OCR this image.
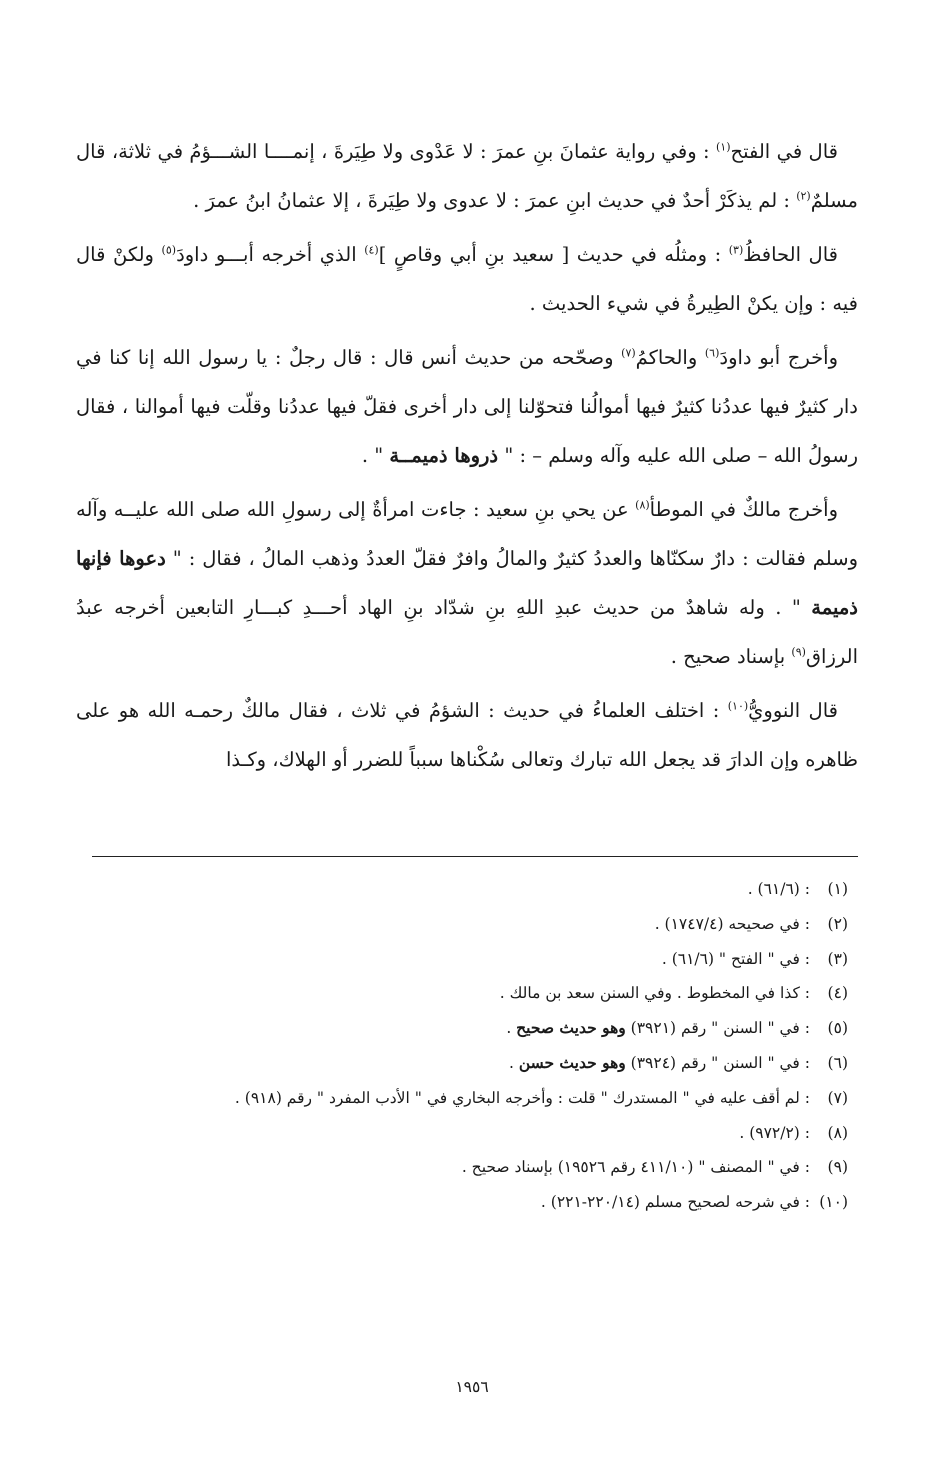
قال في الفتح$^{(١)}$ : وفي رواية عثمانَ بنِ عمرَ : لا عَدْوى ولا طِيَرةَ ، إنمــــا الشـــؤمُ في ثلاثة، قال مسلمٌ$^{(٢)}$ : لم يذكَرْ أحدٌ في حديث ابنِ عمرَ : لا عدوى ولا طِيَرةَ ، إلا عثمانُ ابنُ عمرَ .

قال الحافظُ$^{(٣)}$ : ومثلُه في حديث [ سعيد بنِ أبي وقاصٍ ]$^{(٤)}$ الذي أخرجه أبـــو داودَ$^{(٥)}$ ولكنْ قال فيه : وإن يكنْ الطِيرةُ في شيء الحديث .

وأخرج أبو داودَ$^{(٦)}$ والحاكمُ$^{(٧)}$ وصحّحه من حديث أنس قال : قال رجلٌ : يا رسول الله إنا كنا في دار كثيرٌ فيها عددُنا كثيرٌ فيها أموالُنا فتحوّلنا إلى دار أخرى فقلّ فيها عددُنا وقلّت فيها أموالنا ، فقال رسولُ الله – صلى الله عليه وآله وسلم – : " ذروها ذميمــة " .

وأخرج مالكٌ في الموطأ$^{(٨)}$ عن يحي بنِ سعيد : جاءت امرأةٌ إلى رسولِ الله صلى الله عليــه وآله وسلم فقالت : دارٌ سكنّاها والعددُ كثيرٌ والمالُ وافرٌ فقلّ العددُ وذهب المالُ ، فقال : " دعوها فإنها ذميمة " . وله شاهدٌ من حديث عبدِ اللهِ بنِ شدّاد بنِ الهاد أحـــدِ كبـــارِ التابعين أخرجه عبدُ الرزاق$^{(٩)}$ بإسناد صحيح .

قال النوويُّ$^{(١٠)}$ : اختلف العلماءُ في حديث : الشؤمُ في ثلاث ، فقال مالكٌ رحمـه الله هو على ظاهره وإن الدارَ قد يجعل الله تبارك وتعالى سُكْناها سبباً للضرر أو الهلاك، وكـذا

(١): (٦١/٦) .
(٢): في صحيحه (١٧٤٧/٤) .
(٣): في " الفتح " (٦١/٦) .
(٤): كذا في المخطوط . وفي السنن سعد بن مالك .
(٥): في " السنن " رقم (٣٩٢١) وهو حديث صحيح .
(٦): في " السنن " رقم (٣٩٢٤) وهو حديث حسن .
(٧): لم أقف عليه في " المستدرك " قلت : وأخرجه البخاري في " الأدب المفرد " رقم (٩١٨) .
(٨): (٩٧٢/٢) .
(٩): في " المصنف " (٤١١/١٠ رقم ١٩٥٢٦) بإسناد صحيح .
(١٠): في شرحه لصحيح مسلم (٢٢٠/١٤-٢٢١) .
١٩٥٦
